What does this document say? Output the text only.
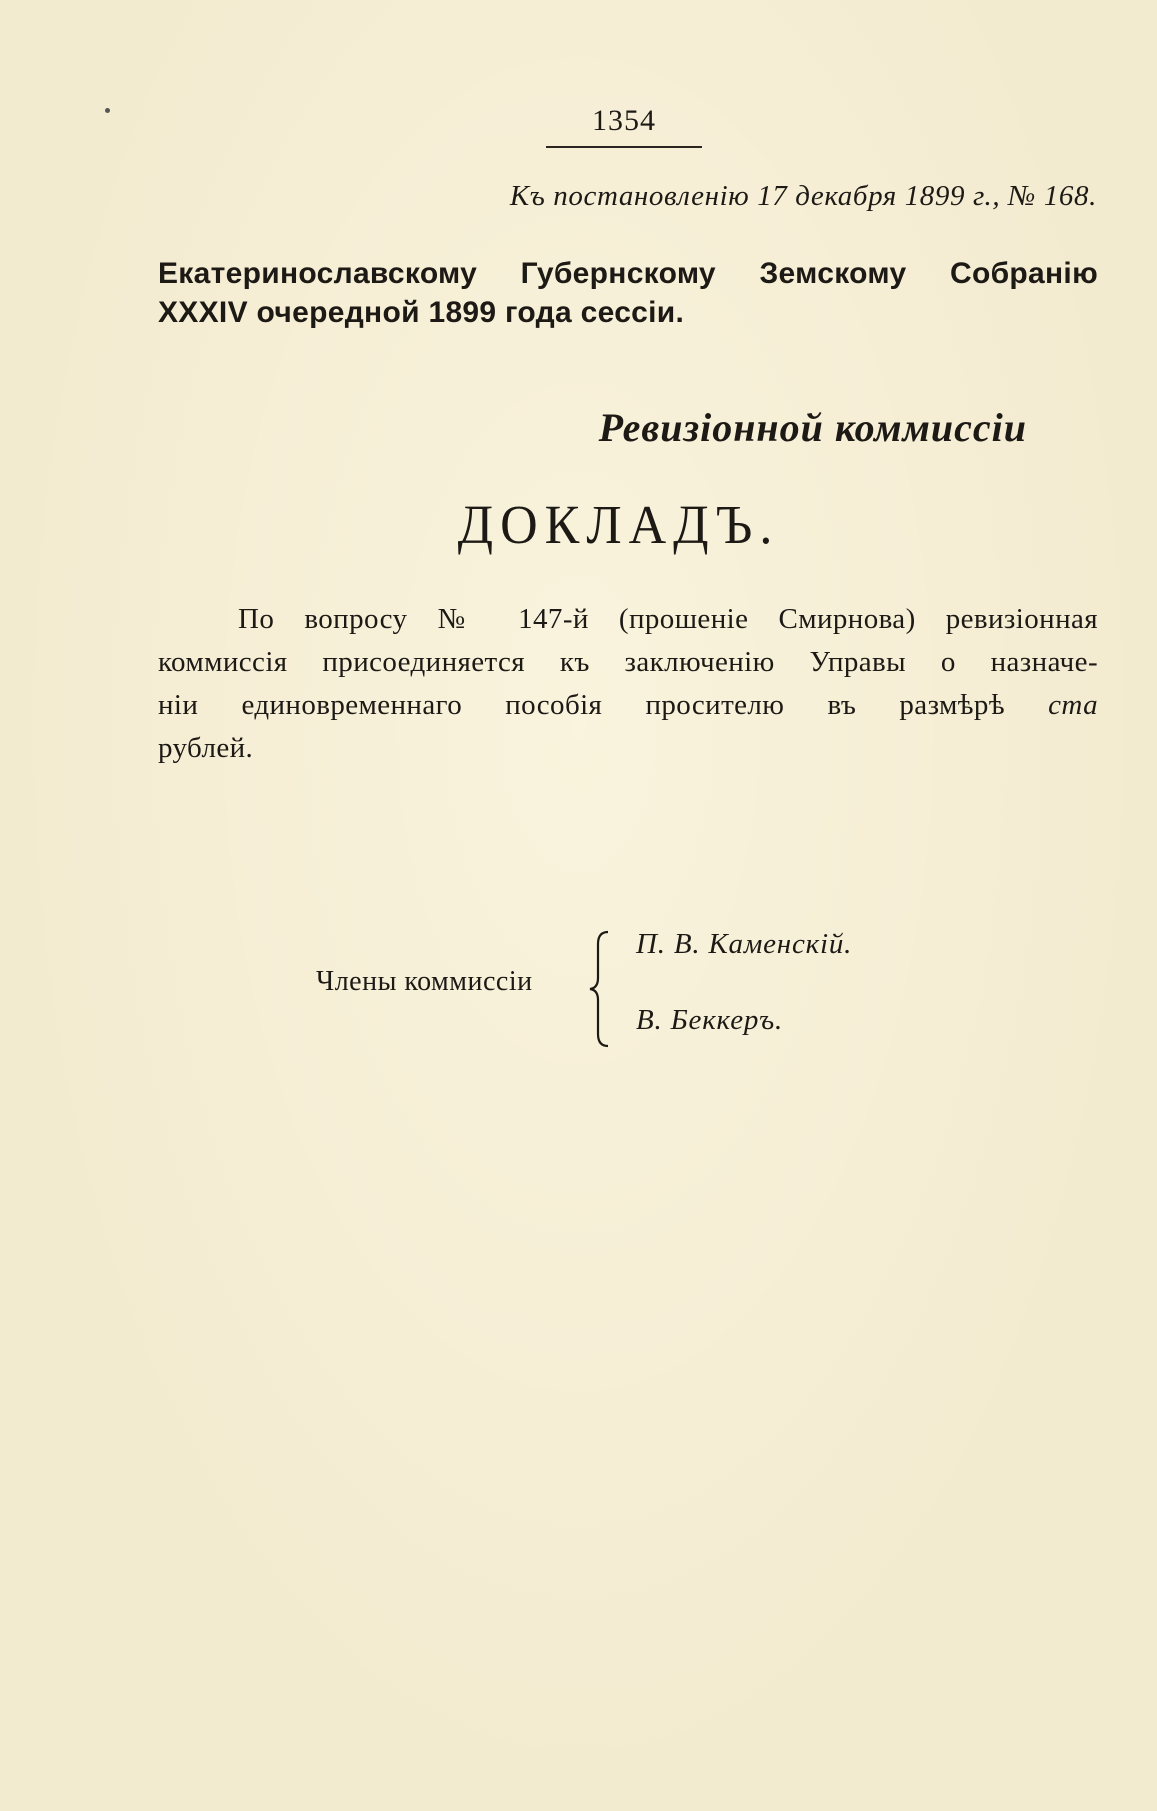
1354
Къ постановленію 17 декабря 1899 г., № 168.
Екатеринославскому Губернскому Земскому Собранію
XXXIV очередной 1899 года сессіи.
Ревизіонной коммиссіи
ДОКЛАДЪ.
По вопросу № 147-й (прошеніе Смирнова) ревизіонная
коммиссія присоединяется къ заключенію Управы о назначе-
ніи единовременнаго пособія просителю въ размѣрѣ ста
рублей.
Члены коммиссіи
П. В. Каменскій.
В. Беккеръ.
